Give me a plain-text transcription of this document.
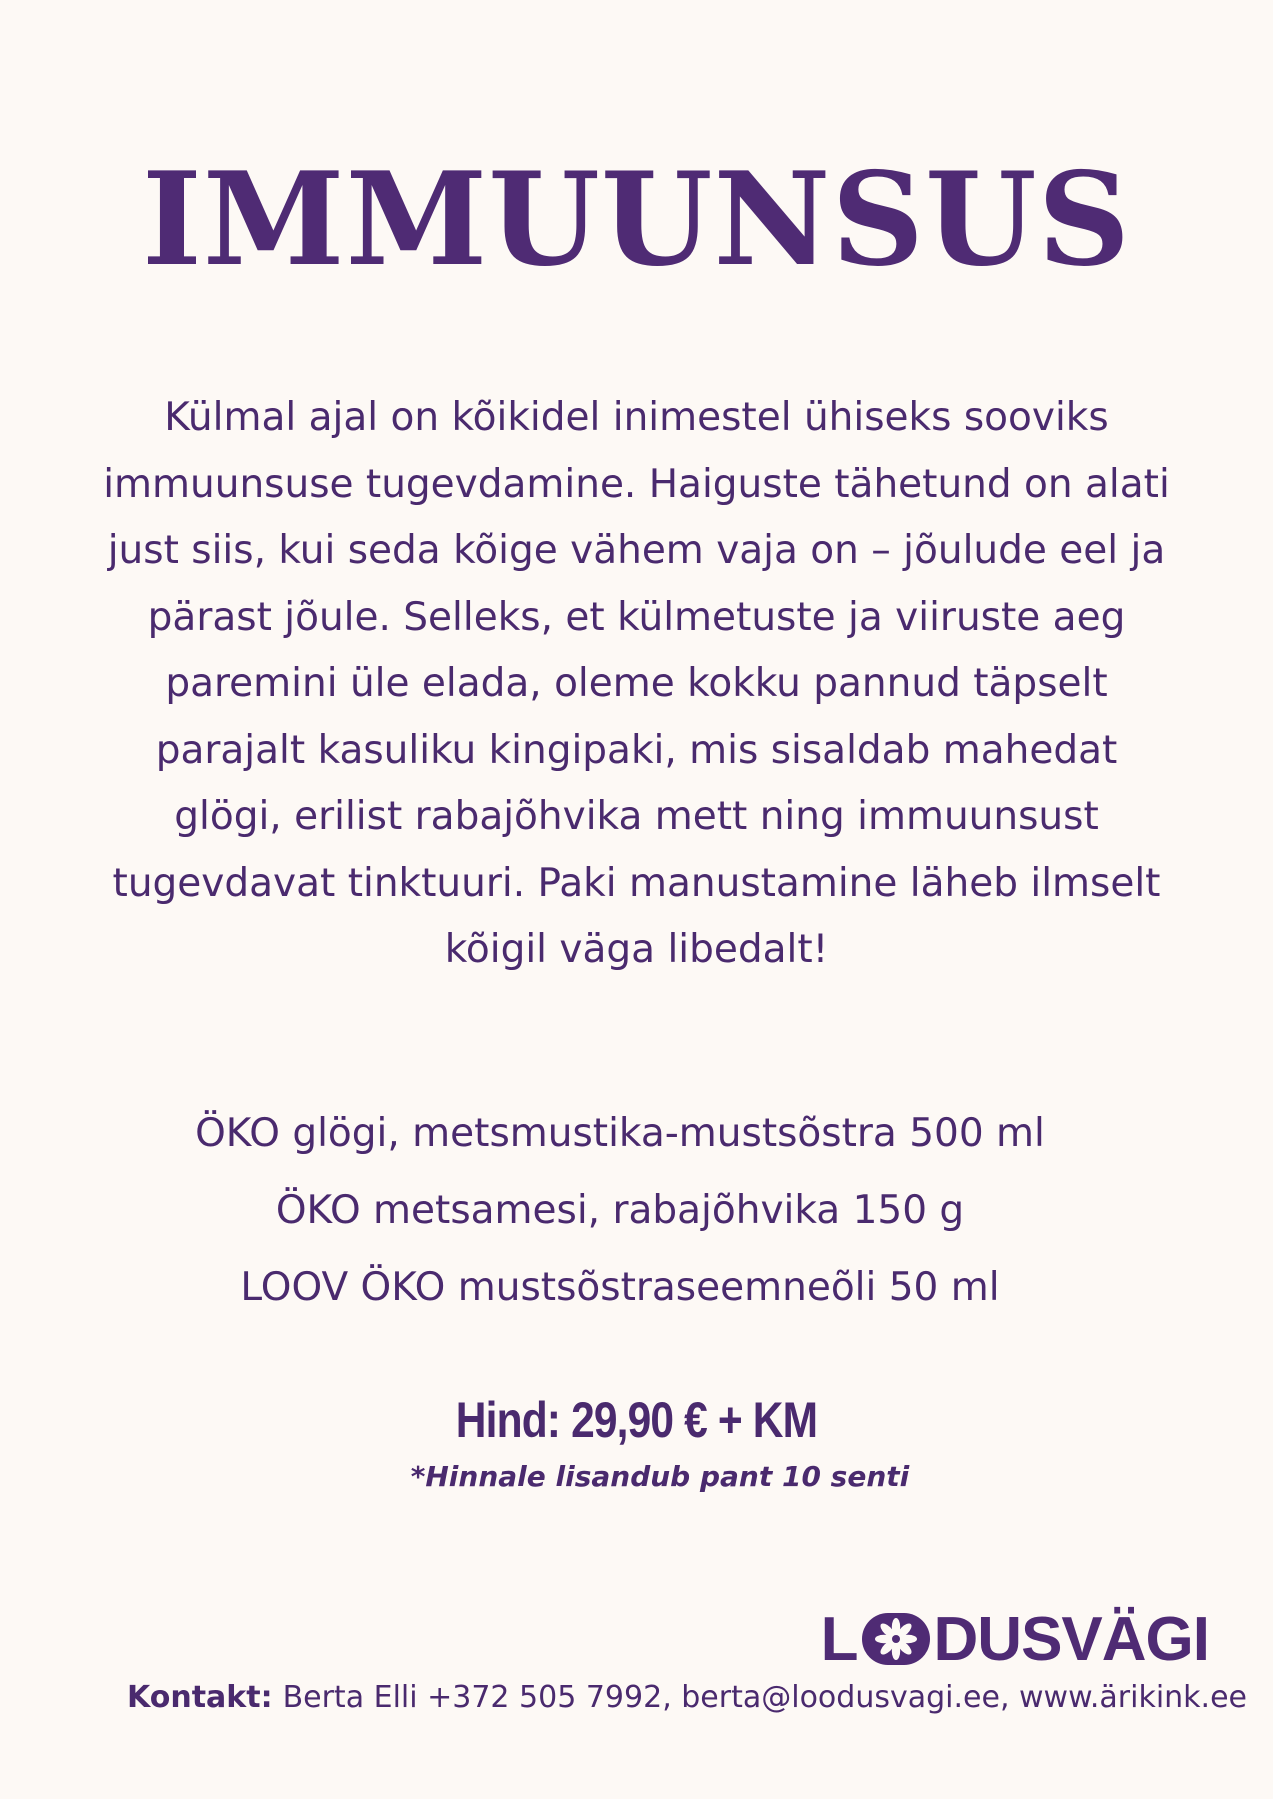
IMMUUNSUS

Külmal ajal on kõikidel inimestel ühiseks sooviks immuunsuse tugevdamine. Haiguste tähetund on alati just siis, kui seda kõige vähem vaja on – jõulude eel ja pärast jõule. Selleks, et külmetuste ja viiruste aeg paremini üle elada, oleme kokku pannud täpselt parajalt kasuliku kingipaki, mis sisaldab mahedat glögi, erilist rabajõhvika mett ning immuunsust tugevdavat tinktuuri. Paki manustamine läheb ilmselt kõigil väga libedalt!

ÖKO glögi, metsmustika-mustsõstra 500 ml
ÖKO metsamesi, rabajõhvika 150 g
LOOV ÖKO mustsõstraseemneõli 50 ml
Hind: 29,90 € + KM
*Hinnale lisandub pant 10 senti
L DUSVÄGI
Kontakt: Berta Elli +372 505 7992, berta@loodusvagi.ee, www.ärikink.ee
